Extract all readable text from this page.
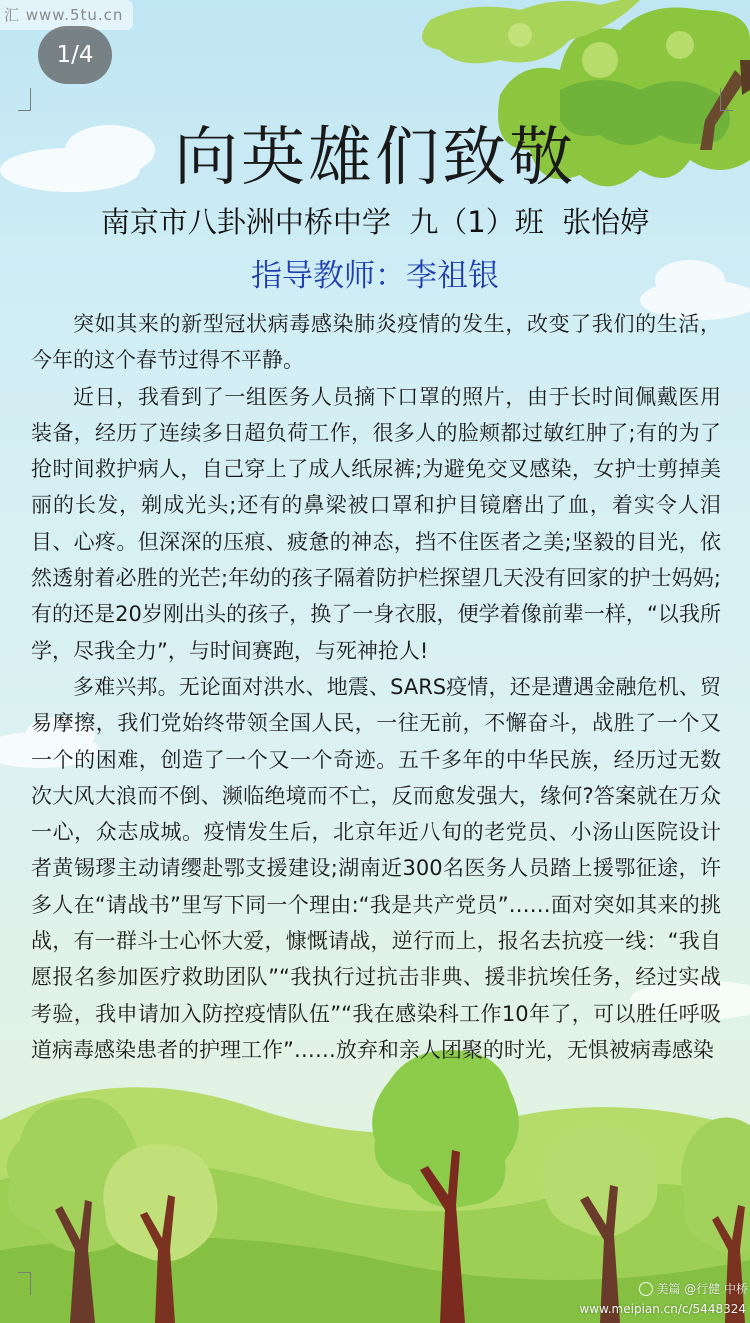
汇 www.5tu.cn
1/4
向英雄们致敬
南京市八卦洲中桥中学  九（1）班  张怡婷
指导教师：李祖银

突如其来的新型冠状病毒感染肺炎疫情的发生，改变了我们的生活，今年的这个春节过得不平静。

近日，我看到了一组医务人员摘下口罩的照片，由于长时间佩戴医用装备，经历了连续多日超负荷工作，很多人的脸颊都过敏红肿了;有的为了抢时间救护病人，自己穿上了成人纸尿裤;为避免交叉感染，女护士剪掉美丽的长发，剃成光头;还有的鼻梁被口罩和护目镜磨出了血，着实令人泪目、心疼。但深深的压痕、疲惫的神态，挡不住医者之美;坚毅的目光，依然透射着必胜的光芒;年幼的孩子隔着防护栏探望几天没有回家的护士妈妈;有的还是20岁刚出头的孩子，换了一身衣服，便学着像前辈一样，“以我所学，尽我全力”，与时间赛跑，与死神抢人!

多难兴邦。无论面对洪水、地震、SARS疫情，还是遭遇金融危机、贸易摩擦，我们党始终带领全国人民，一往无前，不懈奋斗，战胜了一个又一个的困难，创造了一个又一个奇迹。五千多年的中华民族，经历过无数次大风大浪而不倒、濒临绝境而不亡，反而愈发强大，缘何?答案就在万众一心，众志成城。疫情发生后，北京年近八旬的老党员、小汤山医院设计者黄锡璆主动请缨赴鄂支援建设;湖南近300名医务人员踏上援鄂征途，许多人在“请战书”里写下同一个理由:“我是共产党员”……面对突如其来的挑战，有一群斗士心怀大爱，慷慨请战，逆行而上，报名去抗疫一线：“我自愿报名参加医疗救助团队”“我执行过抗击非典、援非抗埃任务，经过实战考验，我申请加入防控疫情队伍”“我在感染科工作10年了，可以胜任呼吸道病毒感染患者的护理工作”……放弃和亲人团聚的时光，无惧被病毒感染

美篇 @行健 中桥
www.meipian.cn/c/5448324
